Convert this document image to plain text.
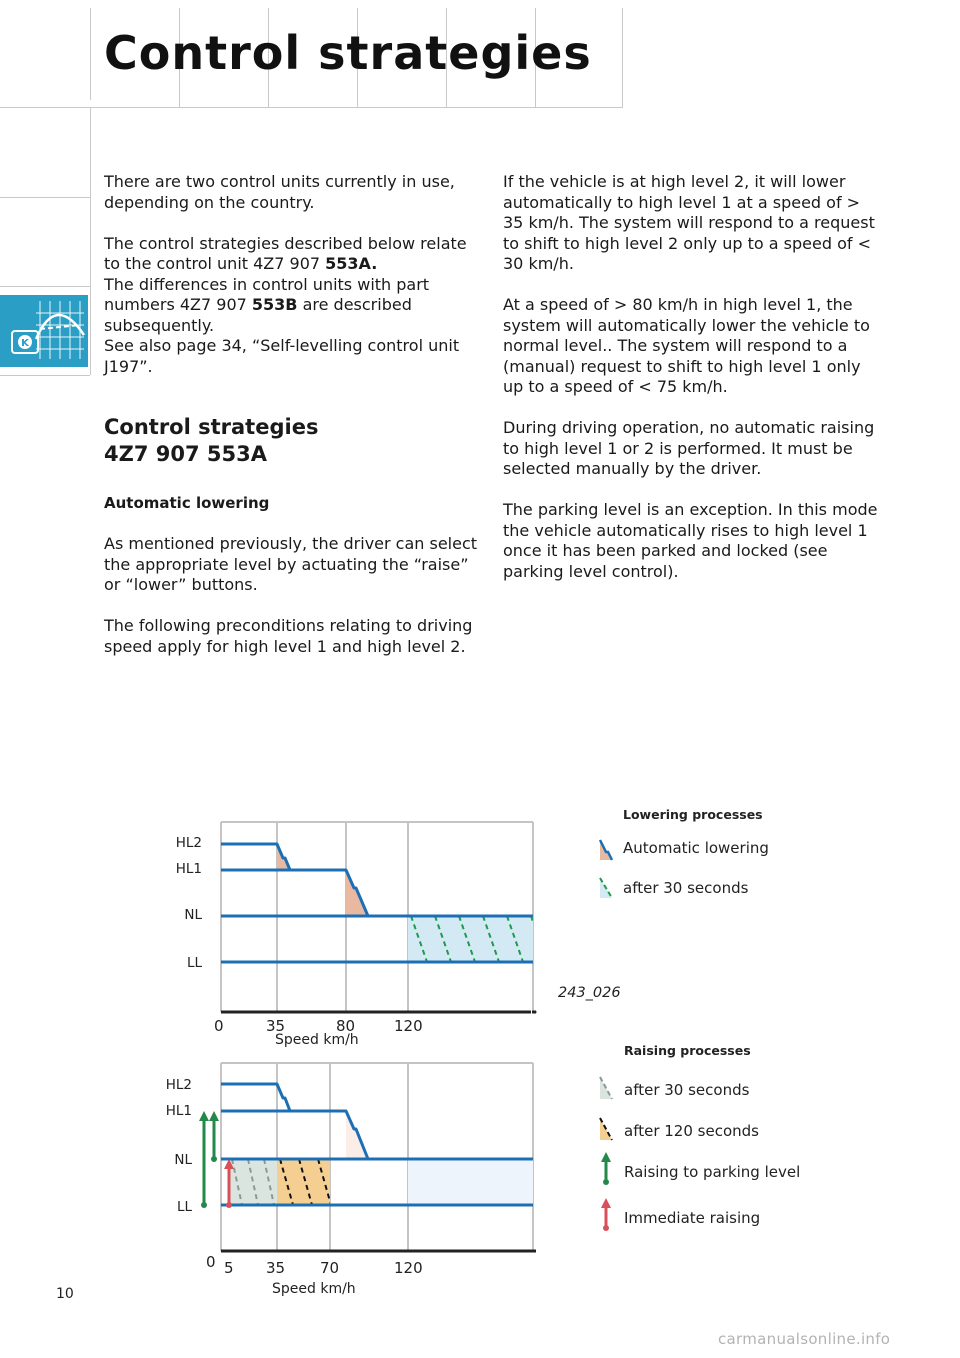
Control strategies
K

There are two control units currently in use, depending on the country.

The control strategies described below relate to the control unit 4Z7 907 553A.
The differences in control units with part numbers 4Z7 907 553B are described subsequently.
See also page 34, “Self-levelling control unit J197”.

Control strategies
4Z7 907 553A

Automatic lowering

As mentioned previously, the driver can select the appropriate level by actuating the “raise” or “lower” buttons.

The following preconditions relating to driving speed apply for high level 1 and high level 2.

If the vehicle is at high level 2, it will lower automatically to high level 1 at a speed of > 35 km/h. The system will respond to a request to shift to high level 2 only up to a speed of < 30 km/h.

At a speed of > 80 km/h in high level 1, the system will automatically lower the vehicle to normal level.. The system will respond to a (manual) request to shift to high level 1 only up to a speed of < 75 km/h.

During driving operation, no automatic raising to high level 1 or 2 is performed. It must be selected manually by the driver.

The parking level is an exception. In this mode the vehicle automatically rises to high level 1 once it has been parked and locked (see parking level control).

HL2
HL1
NL
LL
0	35	80	120
Speed km/h
243_026
Lowering processes
Automatic lowering
after 30 seconds
HL2
HL1
NL
LL
0 5 35 70	120
Speed km/h
Raising processes
after 30 seconds
after 120 seconds
Raising to parking level
Immediate raising
10
carmanualsonline.info
